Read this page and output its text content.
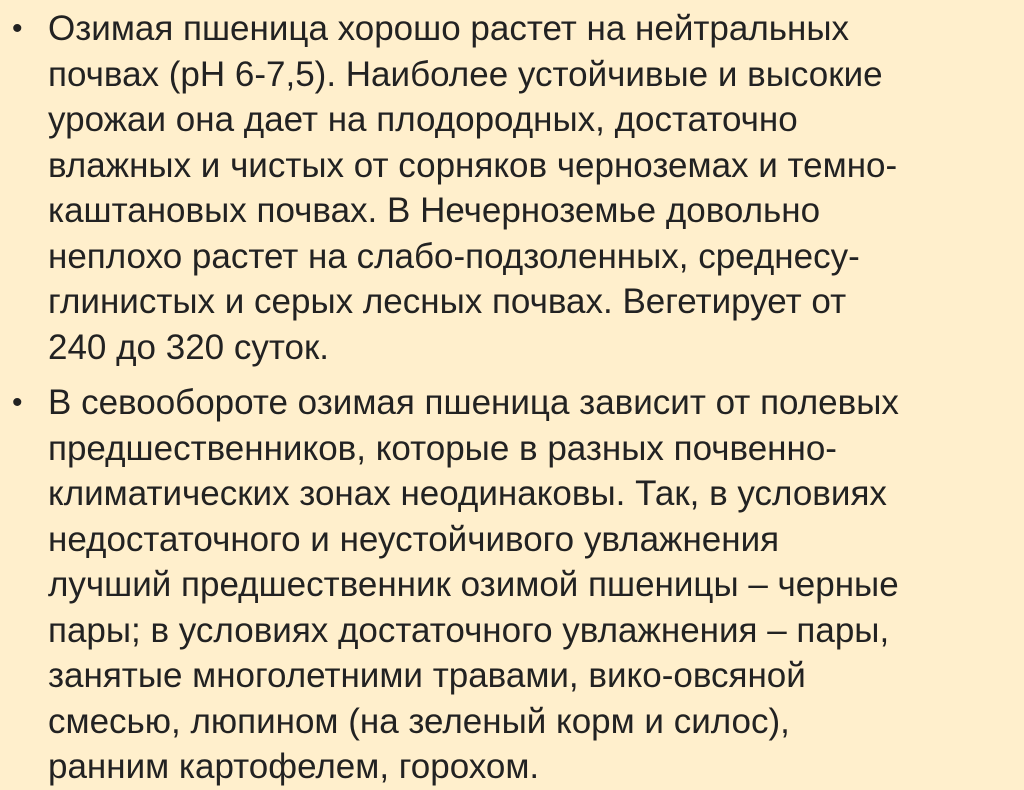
• Озимая пшеница хорошо растет на нейтральных
почвах (рН 6-7,5). Наиболее устойчивые и высокие
урожаи она дает на плодородных, достаточно
влажных и чистых от сорняков черноземах и темно-
каштановых почвах. В Нечерноземье довольно
неплохо растет на слабо-подзоленных, среднесу-
глинистых и серых лесных почвах. Вегетирует от
240 до 320 суток.
• В севообороте озимая пшеница зависит от полевых
предшественников, которые в разных почвенно-
климатических зонах неодинаковы. Так, в условиях
недостаточного и неустойчивого увлажнения
лучший предшественник озимой пшеницы – черные
пары; в условиях достаточного увлажнения – пары,
занятые многолетними травами, вико-овсяной
смесью, люпином (на зеленый корм и силос),
ранним картофелем, горохом.
